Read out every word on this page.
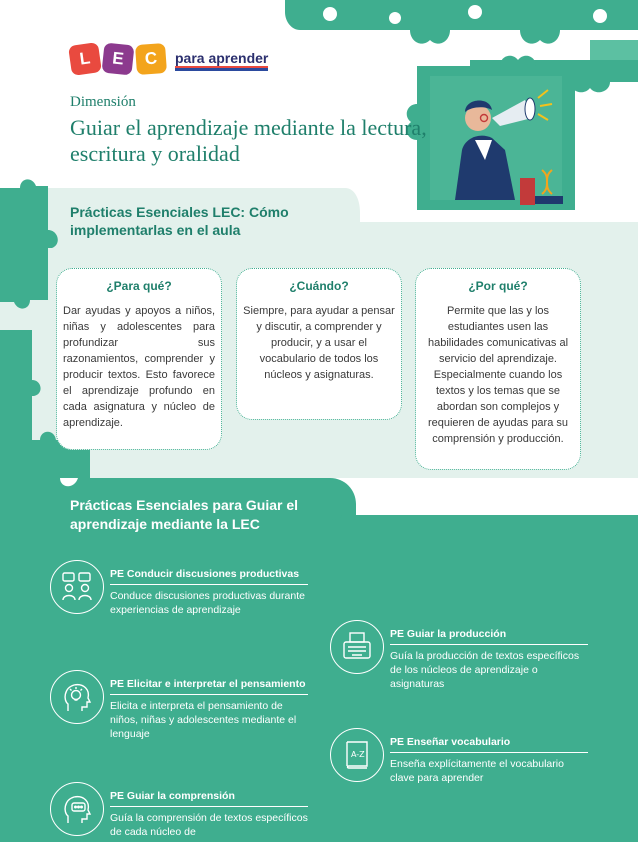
L	E	C	para aprender
Dimensión
Guiar el aprendizaje mediante la lectura, escritura y oralidad
Prácticas Esenciales LEC: Cómo implementarlas en el aula
¿Para qué?
Dar ayudas y apoyos a niños, niñas y adolescentes para profundizar sus razonamientos, comprender y producir textos. Esto favorece el aprendizaje profundo en cada asignatura y núcleo de aprendizaje.
¿Cuándo?
Siempre, para ayudar a pensar y discutir, a comprender y producir, y a usar el vocabulario de todos los núcleos y asignaturas.
¿Por qué?
Permite que las y los estudiantes usen las habilidades comunicativas al servicio del aprendizaje. Especialmente cuando los textos y los temas que se abordan son complejos y requieren de ayudas para su comprensión y producción.
Prácticas Esenciales para Guiar el aprendizaje mediante la LEC
PE Conducir discusiones productivas
Conduce discusiones productivas durante experiencias de aprendizaje
PE Guiar la producción
Guía la producción de textos específicos de los núcleos de aprendizaje o asignaturas
PE Elicitar e interpretar el pensamiento
Elicita e interpreta el pensamiento de niños, niñas y adolescentes mediante el lenguaje
A-Z
PE Enseñar vocabulario
Enseña explícitamente el vocabulario clave para aprender
PE Guiar la comprensión
Guía la comprensión de textos específicos de cada núcleo de
